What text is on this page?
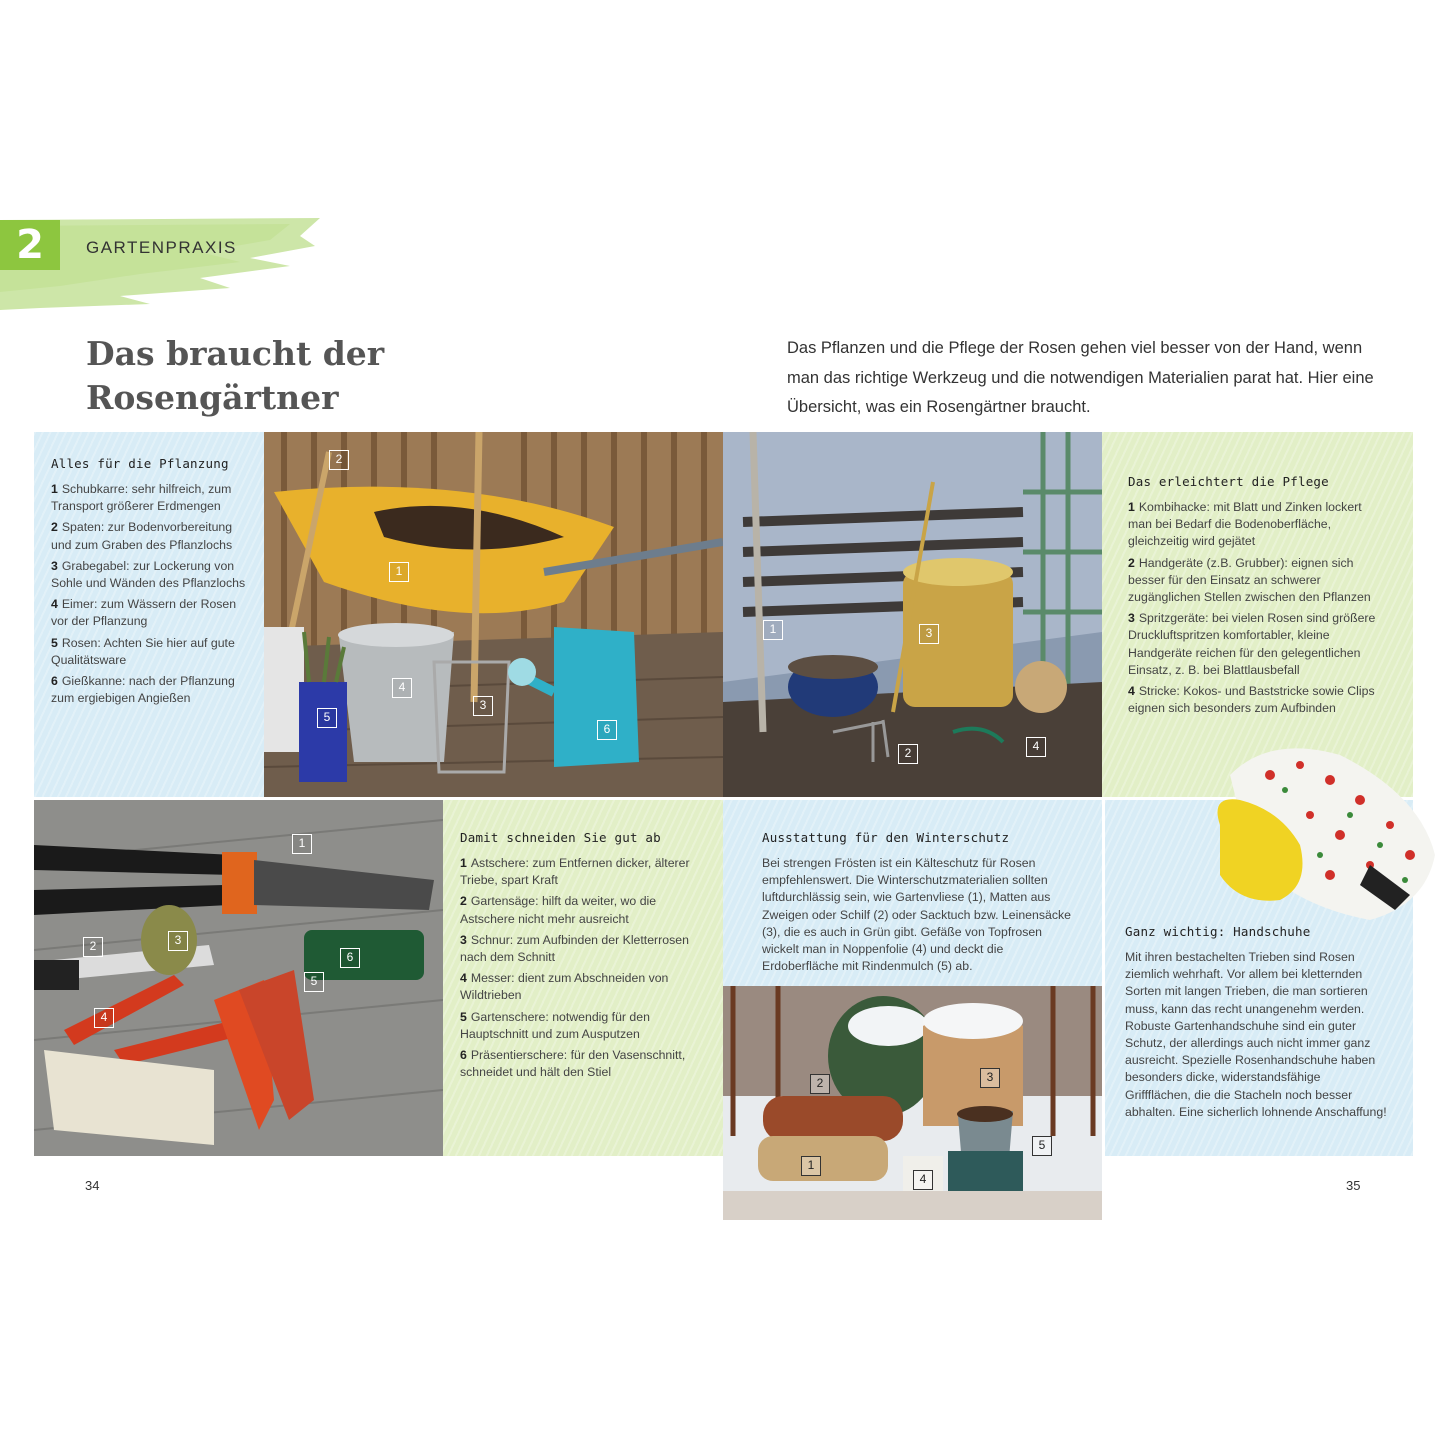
2	GARTENPRAXIS
Das braucht der
Rosengärtner

Das Pflanzen und die Pflege der Rosen gehen viel besser von der Hand, wenn man das richtige Werkzeug und die notwendigen Materialien parat hat. Hier eine Übersicht, was ein Rosengärtner braucht.

Alles für die Pflanzung
1 Schubkarre: sehr hilfreich, zum Transport größerer Erdmengen
2 Spaten: zur Bodenvorbereitung und zum Graben des Pflanzlochs
3 Grabegabel: zur Lockerung von Sohle und Wänden des Pflanzlochs
4 Eimer: zum Wässern der Rosen vor der Pflanzung
5 Rosen: Achten Sie hier auf gute Qualitätsware
6 Gießkanne: nach der Pflanzung zum ergiebigen Angießen
1
2
3
4
5
6
1
2
3
4
Das erleichtert die Pflege
1 Kombihacke: mit Blatt und Zinken lockert man bei Bedarf die Bodenoberfläche, gleichzeitig wird gejätet
2 Handgeräte (z.B. Grubber): eignen sich besser für den Einsatz an schwerer zugänglichen Stellen zwischen den Pflanzen
3 Spritzgeräte: bei vielen Rosen sind größere Druckluftspritzen komfortabler, kleine Handgeräte reichen für den gelegentlichen Einsatz, z. B. bei Blattlausbefall
4 Stricke: Kokos- und Baststricke sowie Clips eignen sich besonders zum Aufbinden
1
2	3
4
5
6
Damit schneiden Sie gut ab
1 Astschere: zum Entfernen dicker, älterer Triebe, spart Kraft
2 Gartensäge: hilft da weiter, wo die Astschere nicht mehr ausreicht
3 Schnur: zum Aufbinden der Kletterrosen nach dem Schnitt
4 Messer: dient zum Abschneiden von Wildtrieben
5 Gartenschere: notwendig für den Hauptschnitt und zum Ausputzen
6 Präsentierschere: für den Vasenschnitt, schneidet und hält den Stiel
Ausstattung für den Winterschutz

Bei strengen Frösten ist ein Kälteschutz für Rosen empfehlenswert. Die Winterschutzmaterialien sollten luftdurchlässig sein, wie Gartenvliese (1), Matten aus Zweigen oder Schilf (2) oder Sacktuch bzw. Leinensäcke (3), die es auch in Grün gibt. Gefäße von Topfrosen wickelt man in Noppenfolie (4) und deckt die Erdoberfläche mit Rindenmulch (5) ab.

1
2	3
4
5
Ganz wichtig: Handschuhe

Mit ihren bestachelten Trieben sind Rosen ziemlich wehrhaft. Vor allem bei kletternden Sorten mit langen Trieben, die man sortieren muss, kann das recht unangenehm werden. Robuste Gartenhandschuhe sind ein guter Schutz, der allerdings auch nicht immer ganz ausreicht. Spezielle Rosenhandschuhe haben besonders dicke, widerstandsfähige Griffflächen, die die Stacheln noch besser abhalten. Eine sicherlich lohnende Anschaffung!

34	35
